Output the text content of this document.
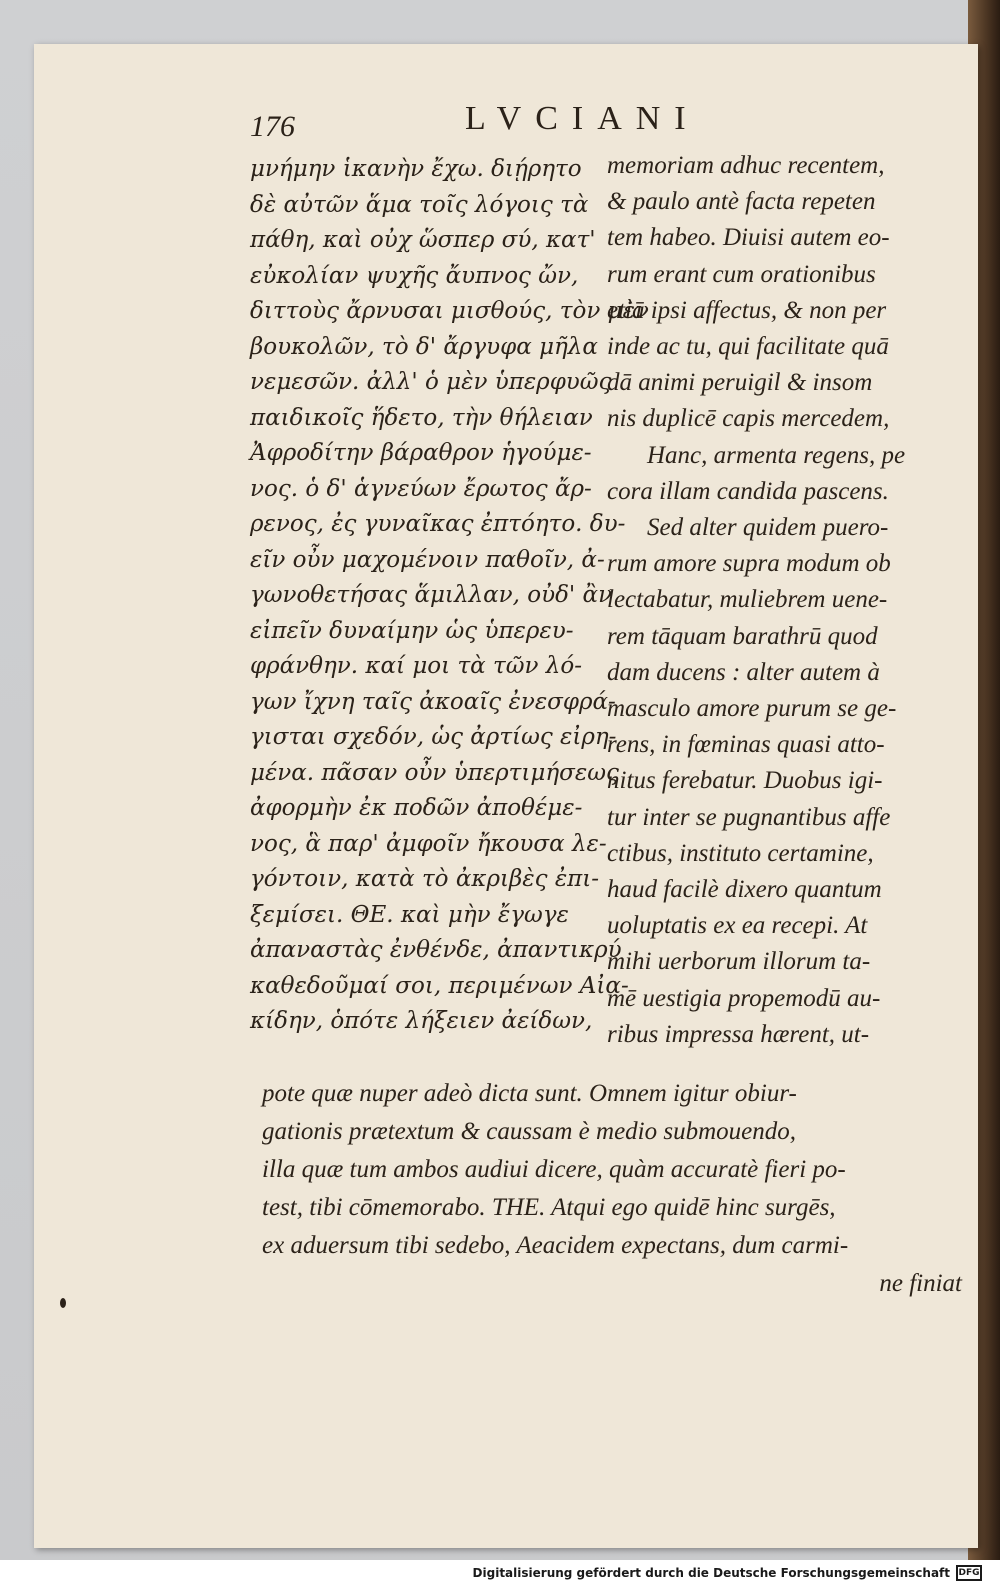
176	LVCIANI
μνήμην ἱκανὴν ἔχω. διῄρητο
δὲ αὐτῶν ἅμα τοῖς λόγοις τὰ
πάθη, καὶ οὐχ ὥσπερ σύ, κατ'
εὐκολίαν ψυχῆς ἄυπνος ὤν,
διττοὺς ἄρνυσαι μισθούς, τὸν μὲν
βουκολῶν, τὸ δ' ἄργυφα μῆλα
νεμεσῶν. ἀλλ' ὁ μὲν ὑπερφυῶς
παιδικοῖς ἥδετο, τὴν θήλειαν
Ἀφροδίτην βάραθρον ἡγούμε-
νος. ὁ δ' ἁγνεύων ἔρωτος ἄρ-
ρενος, ἐς γυναῖκας ἐπτόητο. δυ-
εῖν οὖν μαχομένοιν παθοῖν, ἀ-
γωνοθετήσας ἅμιλλαν, οὐδ' ἂν
εἰπεῖν δυναίμην ὡς ὑπερευ-
φράνθην. καί μοι τὰ τῶν λό-
γων ἴχνη ταῖς ἀκοαῖς ἐνεσφρά-
γισται σχεδόν, ὡς ἀρτίως εἰρη-
μένα. πᾶσαν οὖν ὑπερτιμήσεως
ἀφορμὴν ἐκ ποδῶν ἀποθέμε-
νος, ἃ παρ' ἀμφοῖν ἤκουσα λε-
γόντοιν, κατὰ τὸ ἀκριβὲς ἐπι-
ξεμίσει. ΘΕ. καὶ μὴν ἔγωγε
ἀπαναστὰς ἐνθένδε, ἀπαντικρύ
καθεδοῦμαί σοι, περιμένων Αἰα-
κίδην, ὁπότε λήξειεν ἀείδων,
memoriam adhuc recentem,
& paulo antè facta repeten
tem habeo. Diuisi autem eo-
rum erant cum orationibus
etiā ipsi affectus, & non per
inde ac tu, qui facilitate quā
dā animi peruigil & insom
nis duplicē capis mercedem,
Hanc, armenta regens, pe
cora illam candida pascens.
Sed alter quidem puero-
rum amore supra modum ob
lectabatur, muliebrem uene-
rem tāquam barathrū quod
dam ducens : alter autem à
masculo amore purum se ge-
rens, in fœminas quasi atto-
nitus ferebatur. Duobus igi-
tur inter se pugnantibus affe
ctibus, instituto certamine,
haud facilè dixero quantum
uoluptatis ex ea recepi. At
mihi uerborum illorum ta-
mē uestigia propemodū au-
ribus impressa hærent, ut-
pote quæ nuper adeò dicta sunt. Omnem igitur obiur-
gationis prætextum & caussam è medio submouendo,
illa quæ tum ambos audiui dicere, quàm accuratè fieri po-
test, tibi cōmemorabo. THE. Atqui ego quidē hinc surgēs,
ex aduersum tibi sedebo, Aeacidem expectans, dum carmi-
ne finiat
Digitalisierung gefördert durch die Deutsche Forschungsgemeinschaft DFG
